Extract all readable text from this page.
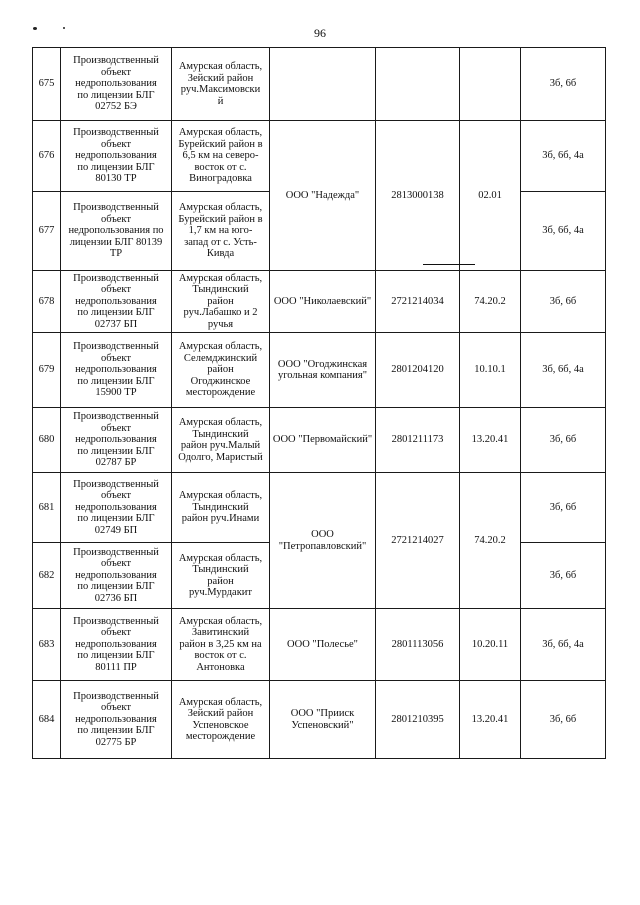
96
675	Производственный
объект
недропользования
по лицензии БЛГ
02752 БЭ	Амурская область,
Зейский район
руч.Максимовски
й				3б, 6б
676	Производственный
объект
недропользования
по лицензии БЛГ
80130 ТР	Амурская область,
Бурейский район в
6,5 км на северо-
восток от с.
Виноградовка	ООО "Надежда"	2813000138	02.01	3б, 6б, 4а
677	Производственный
объект
недропользования по
лицензии БЛГ 80139
ТР	Амурская область,
Бурейский район в
1,7 км на юго-
запад от с. Усть-
Кивда				3б, 6б, 4а
678	Производственный
объект
недропользования
по лицензии БЛГ
02737 БП	Амурская область,
Тындинский
район
руч.Лабашко и 2
ручья	ООО "Николаевский"	2721214034	74.20.2	3б, 6б
679	Производственный
объект
недропользования
по лицензии БЛГ
15900 ТР	Амурская область,
Селемджинский
район
Огоджинское
месторождение	ООО "Огоджинская
угольная компания"	2801204120	10.10.1	3б, 6б, 4а
680	Производственный
объект
недропользования
по лицензии БЛГ
02787 БР	Амурская область,
Тындинский
район руч.Малый
Одолго, Маристый	ООО "Первомайский"	2801211173	13.20.41	3б, 6б
681	Производственный
объект
недропользования
по лицензии БЛГ
02749 БП	Амурская область,
Тындинский
район руч.Инами	ООО
"Петропавловский"	2721214027	74.20.2	3б, 6б
682	Производственный
объект
недропользования
по лицензии БЛГ
02736 БП	Амурская область,
Тындинский
район
руч.Мурдакит				3б, 6б
683	Производственный
объект
недропользования
по лицензии БЛГ
80111 ПР	Амурская область,
Завитинский
район в 3,25 км на
восток от с.
Антоновка	ООО "Полесье"	2801113056	10.20.11	3б, 6б, 4а
684	Производственный
объект
недропользования
по лицензии БЛГ
02775 БР	Амурская область,
Зейский район
Успеновское
месторождение	ООО "Прииск
Успеновский"	2801210395	13.20.41	3б, 6б
